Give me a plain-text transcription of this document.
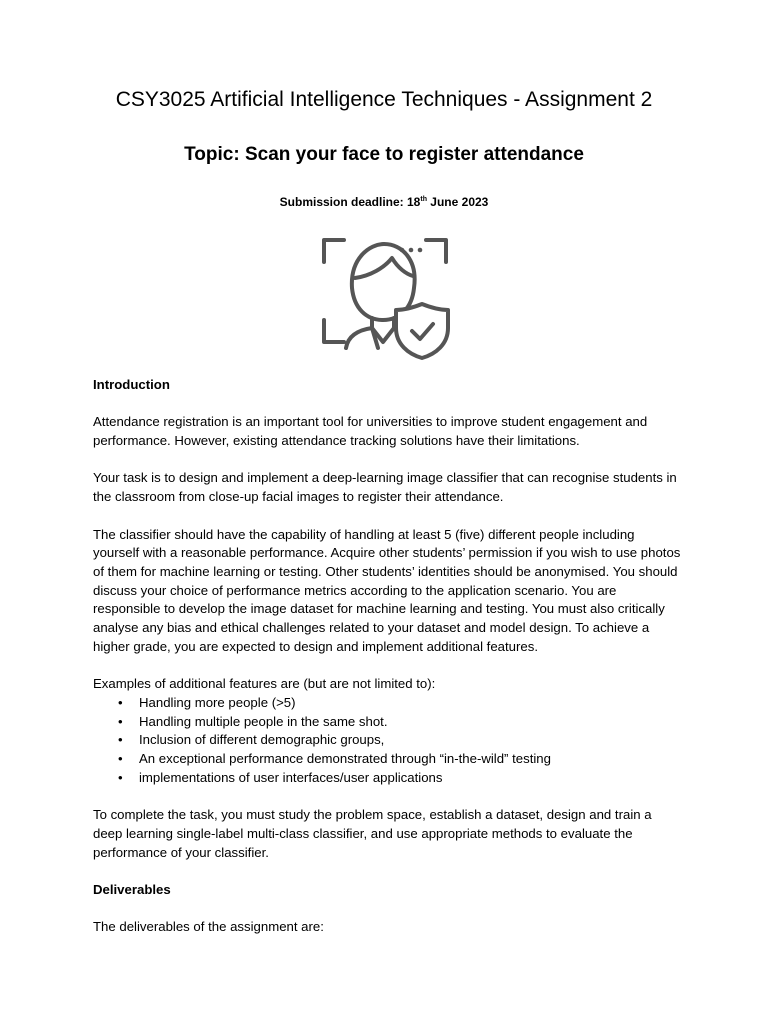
CSY3025 Artificial Intelligence Techniques - Assignment 2
Topic: Scan your face to register attendance

Submission deadline: 18th June 2023

Introduction

Attendance registration is an important tool for universities to improve student engagement and performance. However, existing attendance tracking solutions have their limitations.

Your task is to design and implement a deep-learning image classifier that can recognise students in the classroom from close-up facial images to register their attendance.

The classifier should have the capability of handling at least 5 (five) different people including yourself with a reasonable performance. Acquire other students’ permission if you wish to use photos of them for machine learning or testing. Other students’ identities should be anonymised. You should discuss your choice of performance metrics according to the application scenario. You are responsible to develop the image dataset for machine learning and testing. You must also critically analyse any bias and ethical challenges related to your dataset and model design. To achieve a higher grade, you are expected to design and implement additional features.

Examples of additional features are (but are not limited to):

• Handling more people (>5)
• Handling multiple people in the same shot.
• Inclusion of different demographic groups,
• An exceptional performance demonstrated through “in-the-wild” testing
• implementations of user interfaces/user applications

To complete the task, you must study the problem space, establish a dataset, design and train a deep learning single-label multi-class classifier, and use appropriate methods to evaluate the performance of your classifier.

Deliverables

The deliverables of the assignment are:
